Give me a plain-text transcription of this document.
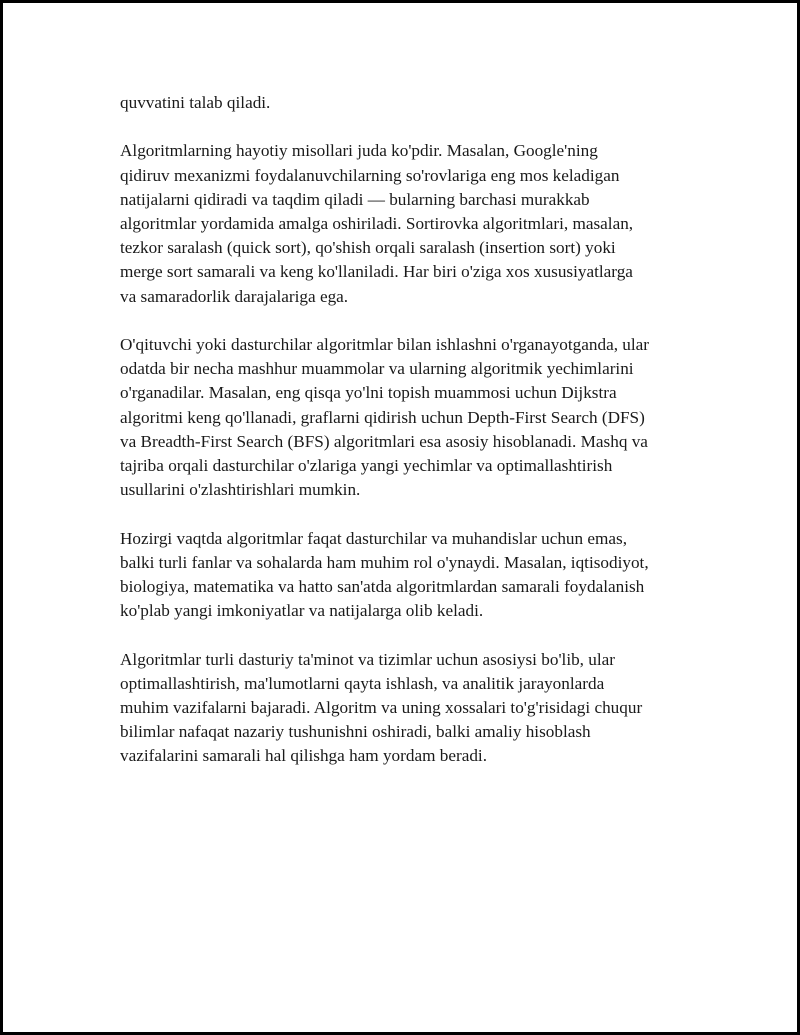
quvvatini talab qiladi.

Algoritmlarning hayotiy misollari juda ko'pdir. Masalan, Google'ning
qidiruv mexanizmi foydalanuvchilarning so'rovlariga eng mos keladigan
natijalarni qidiradi va taqdim qiladi — bularning barchasi murakkab
algoritmlar yordamida amalga oshiriladi. Sortirovka algoritmlari, masalan,
tezkor saralash (quick sort), qo'shish orqali saralash (insertion sort) yoki
merge sort samarali va keng ko'llaniladi. Har biri o'ziga xos xususiyatlarga
va samaradorlik darajalariga ega.

O'qituvchi yoki dasturchilar algoritmlar bilan ishlashni o'rganayotganda, ular
odatda bir necha mashhur muammolar va ularning algoritmik yechimlarini
o'rganadilar. Masalan, eng qisqa yo'lni topish muammosi uchun Dijkstra
algoritmi keng qo'llanadi, graflarni qidirish uchun Depth-First Search (DFS)
va Breadth-First Search (BFS) algoritmlari esa asosiy hisoblanadi. Mashq va
tajriba orqali dasturchilar o'zlariga yangi yechimlar va optimallashtirish
usullarini o'zlashtirishlari mumkin.

Hozirgi vaqtda algoritmlar faqat dasturchilar va muhandislar uchun emas,
balki turli fanlar va sohalarda ham muhim rol o'ynaydi. Masalan, iqtisodiyot,
biologiya, matematika va hatto san'atda algoritmlardan samarali foydalanish
ko'plab yangi imkoniyatlar va natijalarga olib keladi.

Algoritmlar turli dasturiy ta'minot va tizimlar uchun asosiysi bo'lib, ular
optimallashtirish, ma'lumotlarni qayta ishlash, va analitik jarayonlarda
muhim vazifalarni bajaradi. Algoritm va uning xossalari to'g'risidagi chuqur
bilimlar nafaqat nazariy tushunishni oshiradi, balki amaliy hisoblash
vazifalarini samarali hal qilishga ham yordam beradi.
